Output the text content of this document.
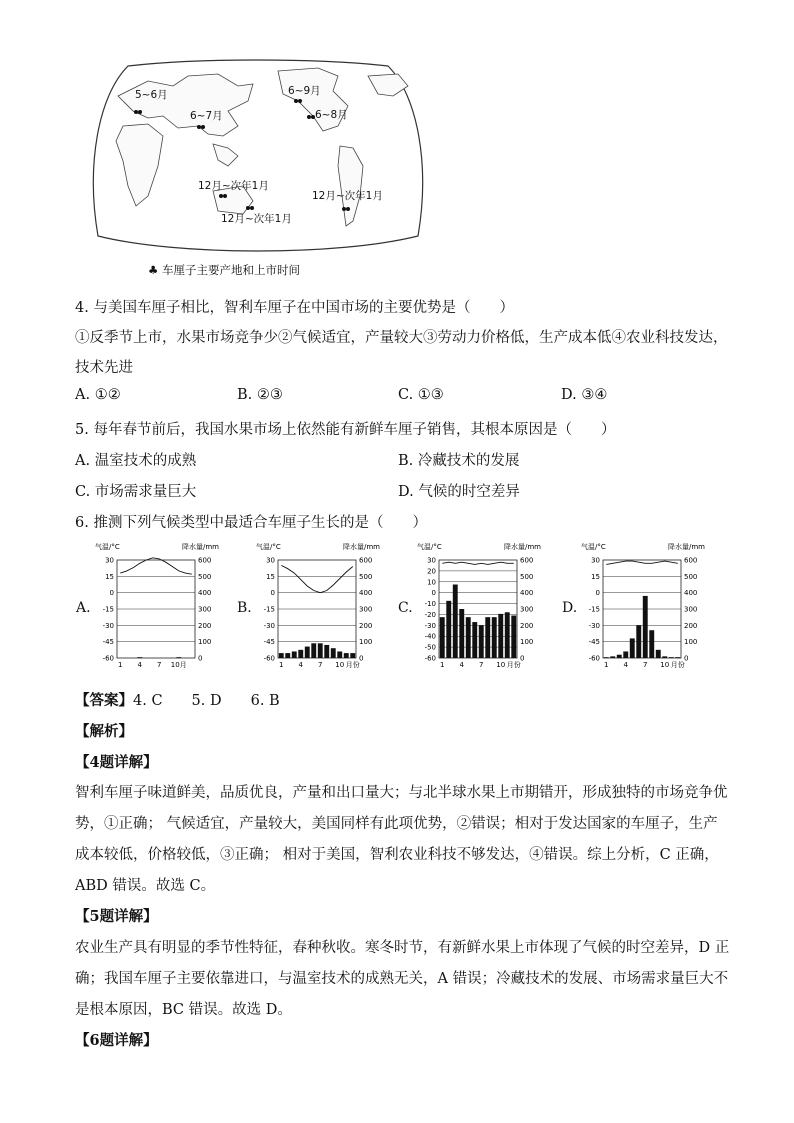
5~6月
6~7月
6~9月
6~8月
12月~次年1月
12月~次年1月
12月~次年1月
♣ 车厘子主要产地和上市时间
4. 与美国车厘子相比，智利车厘子在中国市场的主要优势是（　　）
①反季节上市，水果市场竞争少②气候适宜，产量较大③劳动力价格低，生产成本低④农业科技发达，
技术先进
A. ①②	B. ②③	C. ①③	D. ③④
5. 每年春节前后，我国水果市场上依然能有新鲜车厘子销售，其根本原因是（　　）
A. 温室技术的成熟	B. 冷藏技术的发展
C. 市场需求量巨大	D. 气候的时空差异
6. 推测下列气候类型中最适合车厘子生长的是（　　）
A.	B.	C.	D.
气温/°C	降水量/mm
30
15
0
-15
-30
-45
-60
600
500
400
300
200
100
0
1 4 7 10月
气温/°C	降水量/mm
30
15
0
-15
-30
-45
-60
600
500
400
300
200
100
0
1 4 7 10 月份
气温/°C	降水量/mm
30
20
10
0
-10
-20
-30
-40
-50
-60
600
500
400
300
200
100
0
1 4 7 10 月份
气温/°C	降水量/mm
30
15
0
-15
-30
-45
-60
600
500
400
300
200
100
0
1 4 7 10 月份
【答案】4. C　　5. D　　6. B
【解析】
【4题详解】
智利车厘子味道鲜美，品质优良，产量和出口量大；与北半球水果上市期错开，形成独特的市场竞争优
势，①正确； 气候适宜，产量较大，美国同样有此项优势，②错误；相对于发达国家的车厘子，生产
成本较低，价格较低，③正确； 相对于美国，智利农业科技不够发达，④错误。综上分析，C 正确，
ABD 错误。故选 C。
【5题详解】
农业生产具有明显的季节性特征，春种秋收。寒冬时节，有新鲜水果上市体现了气候的时空差异，D 正
确；我国车厘子主要依靠进口，与温室技术的成熟无关，A 错误；冷藏技术的发展、市场需求量巨大不
是根本原因，BC 错误。故选 D。
【6题详解】
